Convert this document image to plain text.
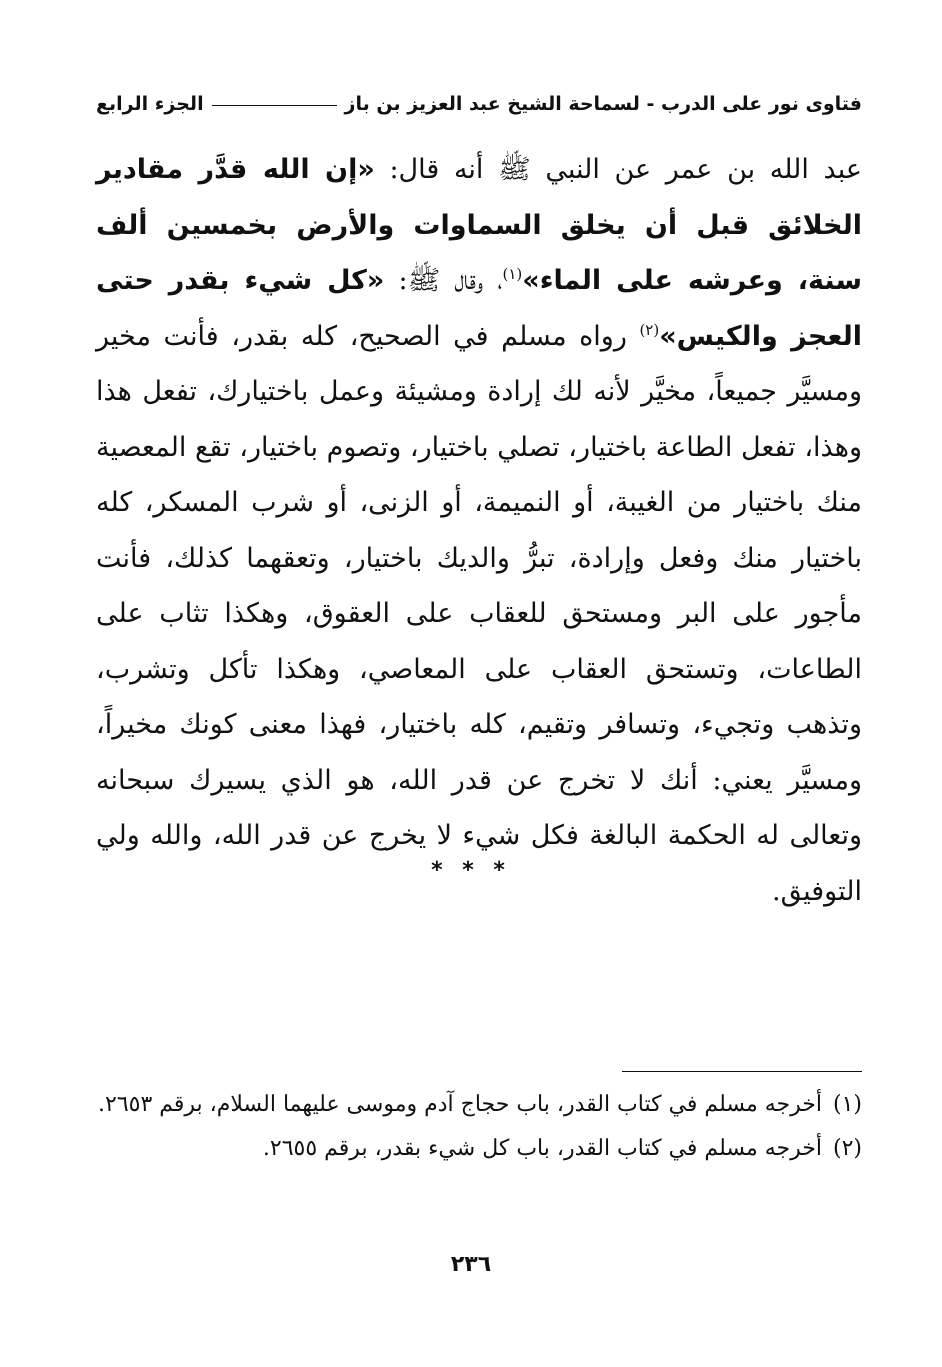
فتاوى نور على الدرب - لسماحة الشيخ عبد العزيز بن باز
الجزء الرابع
عبد الله بن عمر عن النبي ﷺ أنه قال: «إن الله قدَّر مقادير الخلائق قبل أن يخلق السماوات والأرض بخمسين ألف سنة، وعرشه على الماء»$^{(١)}$، وقال ﷺ: «كل شيء بقدر حتى العجز والكيس»$^{(٢)}$ رواه مسلم في الصحيح، كله بقدر، فأنت مخير ومسيَّر جميعاً، مخيَّر لأنه لك إرادة ومشيئة وعمل باختيارك، تفعل هذا وهذا، تفعل الطاعة باختيار، تصلي باختيار، وتصوم باختيار، تقع المعصية منك باختيار من الغيبة، أو النميمة، أو الزنى، أو شرب المسكر، كله باختيار منك وفعل وإرادة، تبرُّ والديك باختيار، وتعقهما كذلك، فأنت مأجور على البر ومستحق للعقاب على العقوق، وهكذا تثاب على الطاعات، وتستحق العقاب على المعاصي، وهكذا تأكل وتشرب، وتذهب وتجيء، وتسافر وتقيم، كله باختيار، فهذا معنى كونك مخيراً، ومسيَّر يعني: أنك لا تخرج عن قدر الله، هو الذي يسيرك سبحانه وتعالى له الحكمة البالغة فكل شيء لا يخرج عن قدر الله، والله ولي التوفيق.
* * *

(١)أخرجه مسلم في كتاب القدر، باب حجاج آدم وموسى عليهما السلام، برقم ٢٦٥٣.

(٢)أخرجه مسلم في كتاب القدر، باب كل شيء بقدر، برقم ٢٦٥٥.

٢٣٦
